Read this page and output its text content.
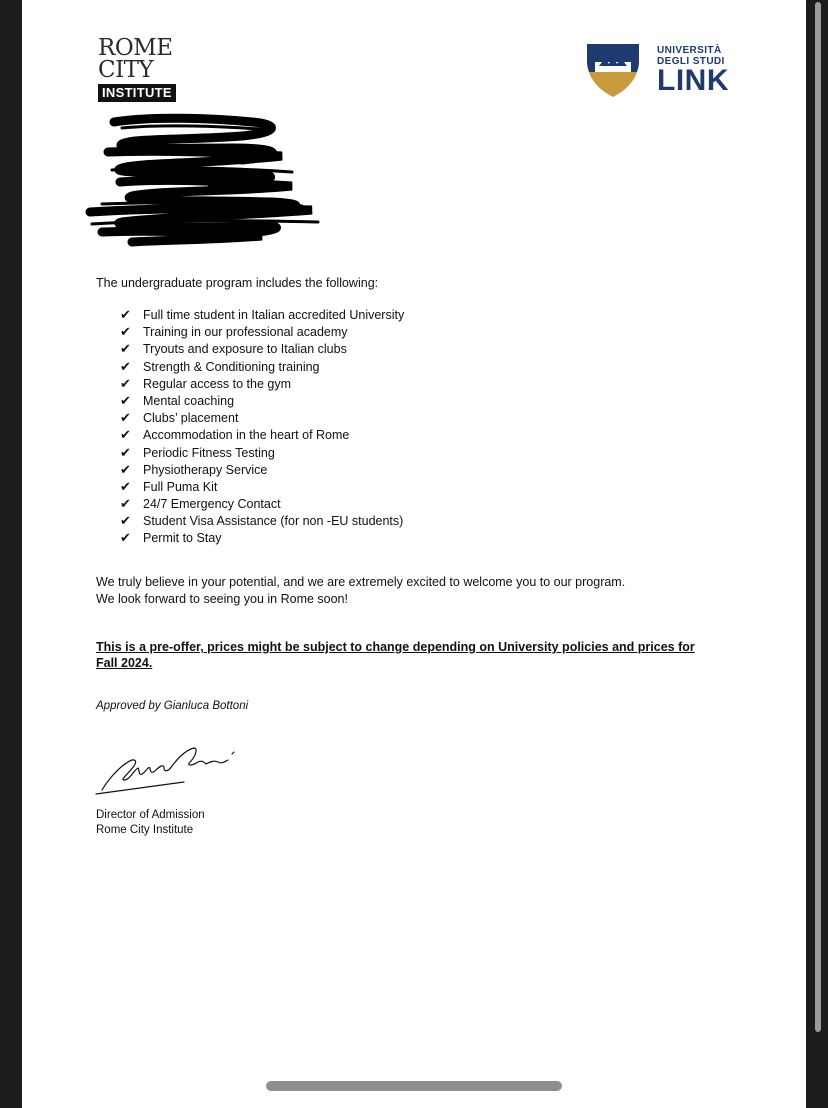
ROME
CITY
INSTITUTE
UNIVERSITÀ
DEGLI STUDI
LINK
The undergraduate program includes the following:
✔ Full time student in Italian accredited University
✔ Training in our professional academy
✔ Tryouts and exposure to Italian clubs
✔ Strength & Conditioning training
✔ Regular access to the gym
✔ Mental coaching
✔ Clubs’ placement
✔ Accommodation in the heart of Rome
✔ Periodic Fitness Testing
✔ Physiotherapy Service
✔ Full Puma Kit
✔ 24/7 Emergency Contact
✔ Student Visa Assistance (for non -EU students)
✔ Permit to Stay
We truly believe in your potential, and we are extremely excited to welcome you to our program.
We look forward to seeing you in Rome soon!
This is a pre-offer, prices might be subject to change depending on University policies and prices for Fall 2024.
Approved by Gianluca Bottoni
Director of Admission
Rome City Institute
